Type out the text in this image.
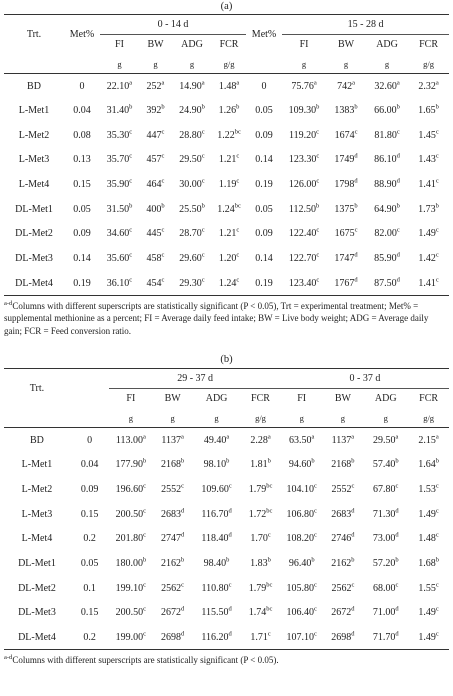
(a)
Trt.	Met%	0 - 14 d				Met%	15 - 28 d			
		FI	BW	ADG	FCR		FI	BW	ADG	FCR
		g	g	g	g/g		g	g	g	g/g
BD	0	22.10$^a$	252$^a$	14.90$^a$	1.48$^a$	0	75.76$^a$	742$^a$	32.60$^a$	2.32$^a$
L-Met1	0.04	31.40$^b$	392$^b$	24.90$^b$	1.26$^b$	0.05	109.30$^b$	1383$^b$	66.00$^b$	1.65$^b$
L-Met2	0.08	35.30$^c$	447$^c$	28.80$^c$	1.22$^{bc}$	0.09	119.20$^c$	1674$^c$	81.80$^c$	1.45$^c$
L-Met3	0.13	35.70$^c$	457$^c$	29.50$^c$	1.21$^c$	0.14	123.30$^c$	1749$^d$	86.10$^d$	1.43$^c$
L-Met4	0.15	35.90$^c$	464$^c$	30.00$^c$	1.19$^c$	0.19	126.00$^c$	1798$^d$	88.90$^d$	1.41$^c$
DL-Met1	0.05	31.50$^b$	400$^b$	25.50$^b$	1.24$^{bc}$	0.05	112.50$^b$	1375$^b$	64.90$^b$	1.73$^b$
DL-Met2	0.09	34.60$^c$	445$^c$	28.70$^c$	1.21$^c$	0.09	122.40$^c$	1675$^c$	82.00$^c$	1.49$^c$
DL-Met3	0.14	35.60$^c$	458$^c$	29.60$^c$	1.20$^c$	0.14	122.70$^c$	1747$^d$	85.90$^d$	1.42$^c$
DL-Met4	0.19	36.10$^c$	454$^c$	29.30$^c$	1.24$^c$	0.19	123.40$^c$	1767$^d$	87.50$^d$	1.41$^c$
$^{a-d}$Columns with different superscripts are statistically significant (P < 0.05), Trt = experimental treatment; Met% = supplemental methionine as a percent; FI = Average daily feed intake; BW = Live body weight; ADG = Average daily gain; FCR = Feed conversion ratio.
(b)
Trt.		29 - 37 d				0 - 37 d			
		FI	BW	ADG	FCR	FI	BW	ADG	FCR
		g	g	g	g/g	g	g	g	g/g
BD	0	113.00$^a$	1137$^a$	49.40$^a$	2.28$^a$	63.50$^a$	1137$^a$	29.50$^a$	2.15$^a$
L-Met1	0.04	177.90$^b$	2168$^b$	98.10$^b$	1.81$^b$	94.60$^b$	2168$^b$	57.40$^b$	1.64$^b$
L-Met2	0.09	196.60$^c$	2552$^c$	109.60$^c$	1.79$^{bc}$	104.10$^c$	2552$^c$	67.80$^c$	1.53$^c$
L-Met3	0.15	200.50$^c$	2683$^d$	116.70$^d$	1.72$^{bc}$	106.80$^c$	2683$^d$	71.30$^d$	1.49$^c$
L-Met4	0.2	201.80$^c$	2747$^d$	118.40$^d$	1.70$^c$	108.20$^c$	2746$^d$	73.00$^d$	1.48$^c$
DL-Met1	0.05	180.00$^b$	2162$^b$	98.40$^b$	1.83$^b$	96.40$^b$	2162$^b$	57.20$^b$	1.68$^b$
DL-Met2	0.1	199.10$^c$	2562$^c$	110.80$^c$	1.79$^{bc}$	105.80$^c$	2562$^c$	68.00$^c$	1.55$^c$
DL-Met3	0.15	200.50$^c$	2672$^d$	115.50$^d$	1.74$^{bc}$	106.40$^c$	2672$^d$	71.00$^d$	1.49$^c$
DL-Met4	0.2	199.00$^c$	2698$^d$	116.20$^d$	1.71$^c$	107.10$^c$	2698$^d$	71.70$^d$	1.49$^c$
$^{a-d}$Columns with different superscripts are statistically significant (P < 0.05).
